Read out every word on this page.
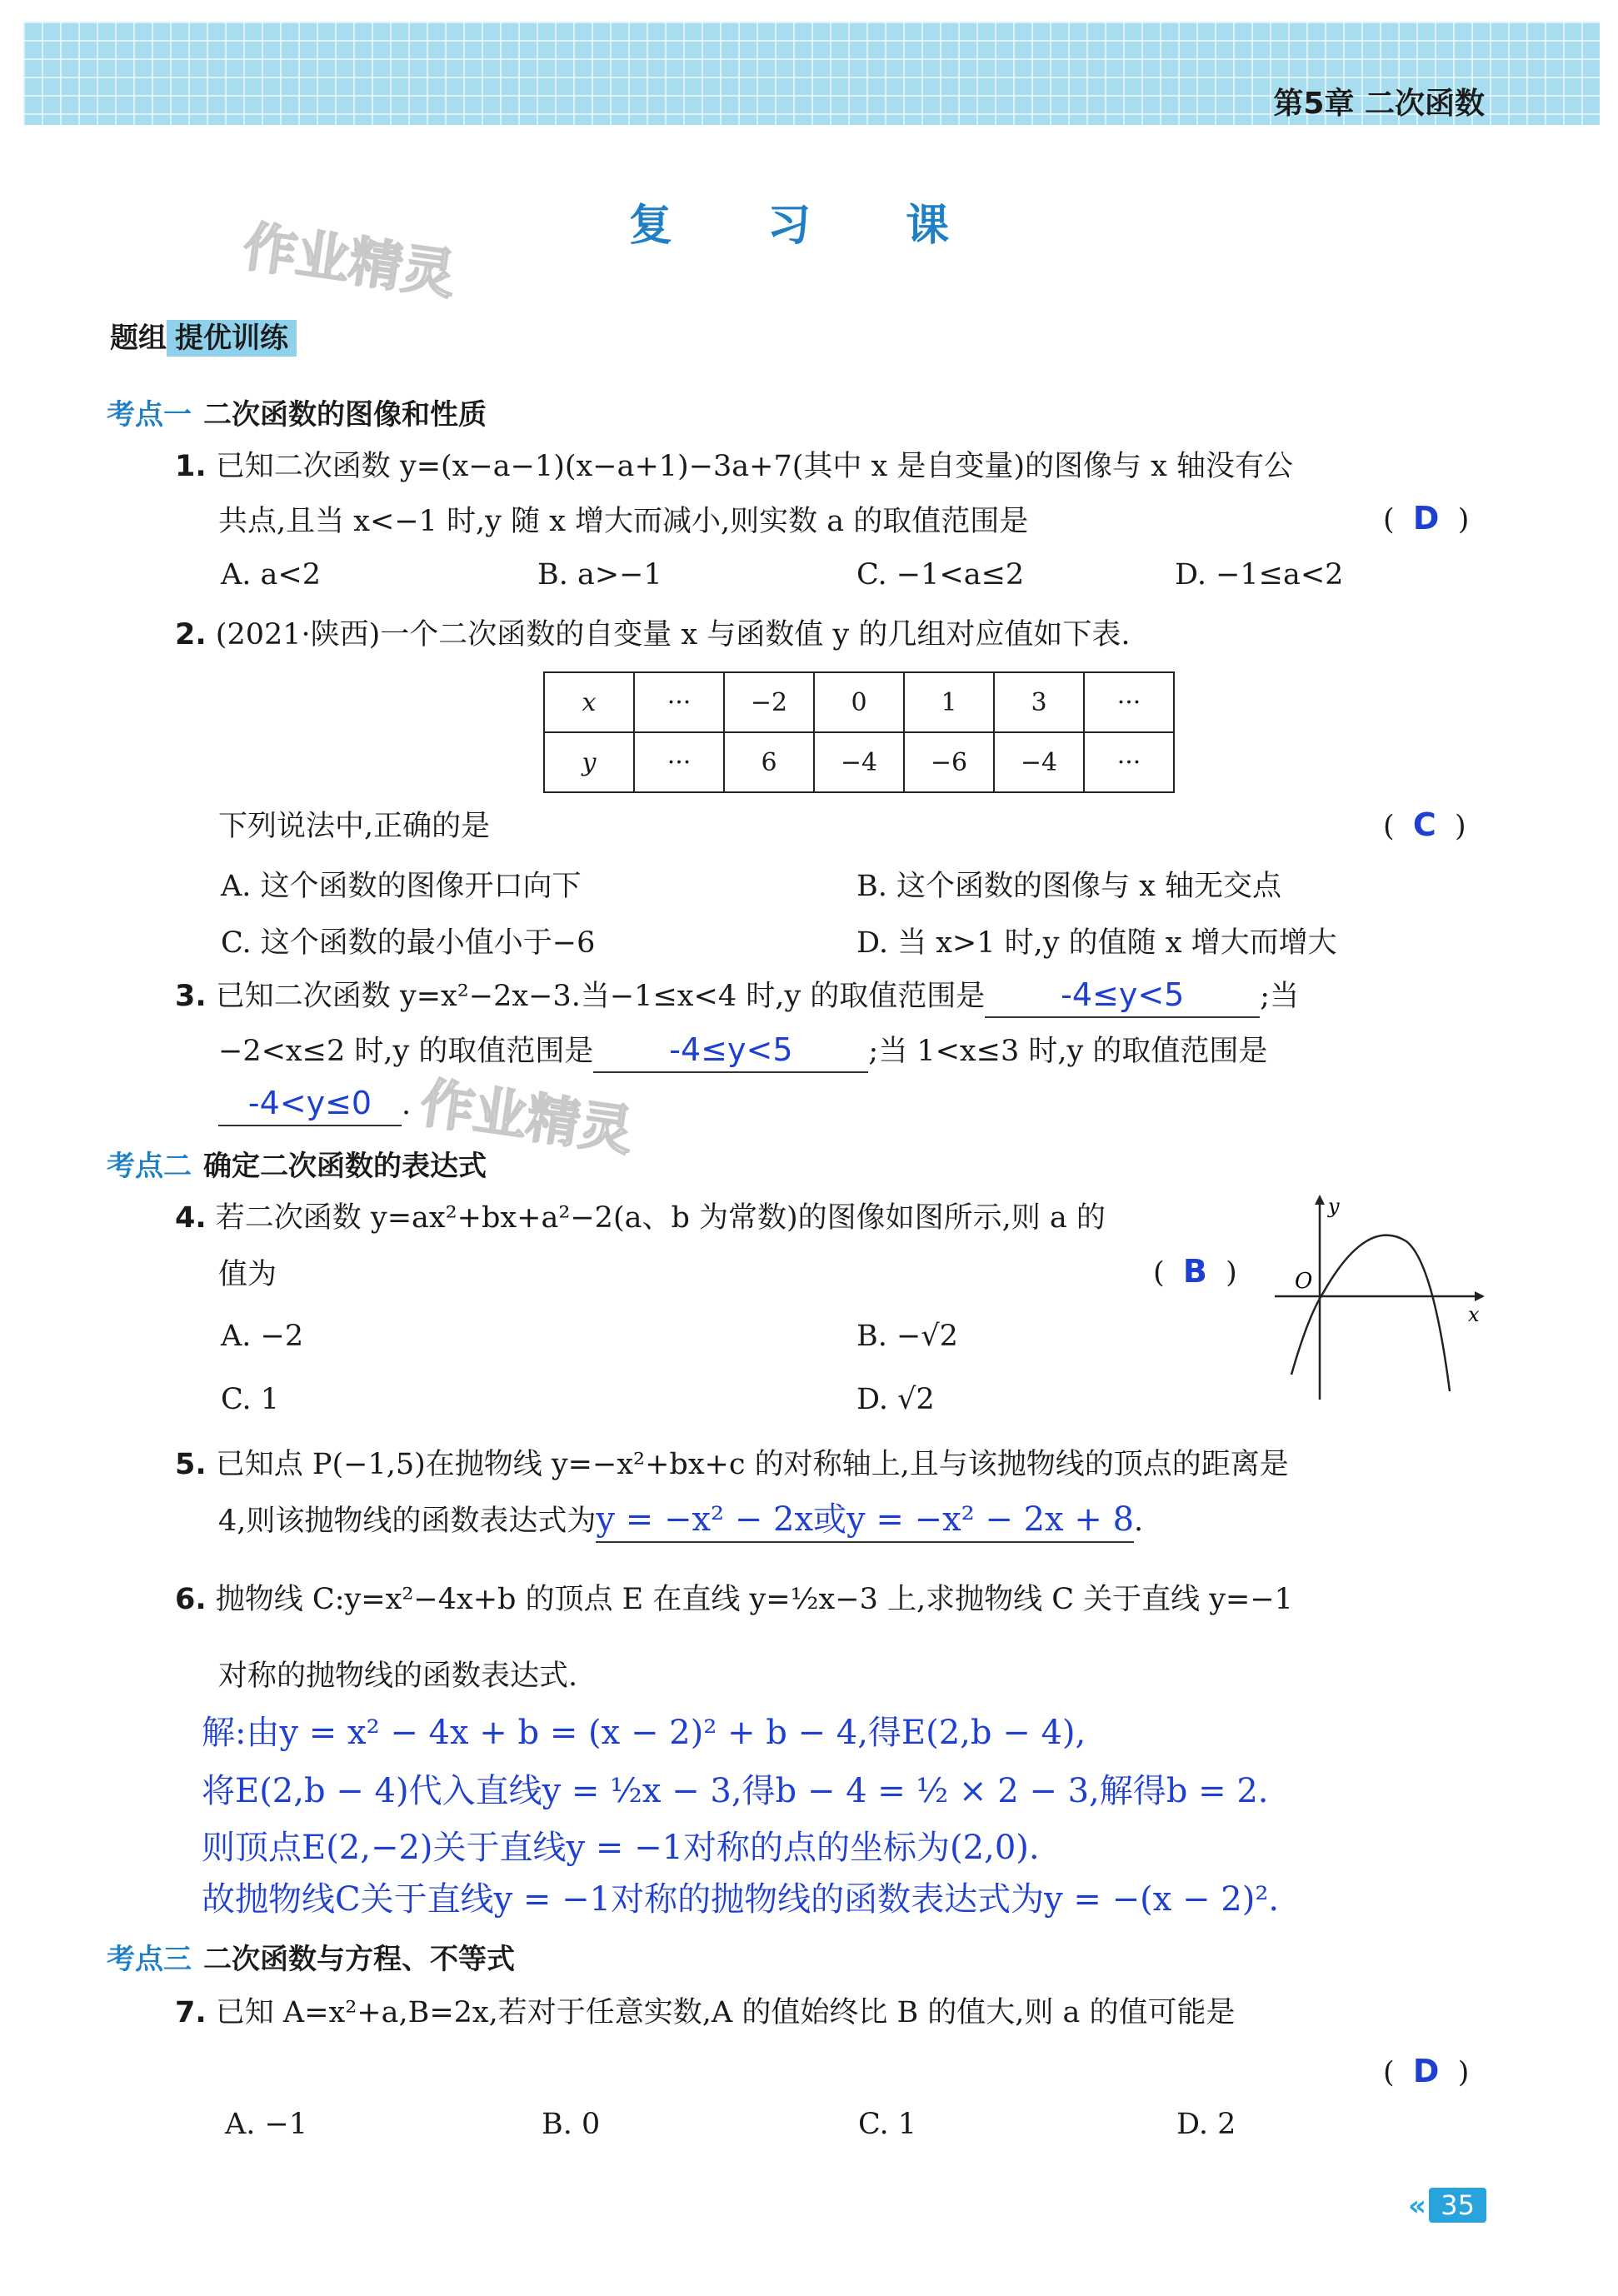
第5章 二次函数
复 习 课
作业精灵
作业精灵
题组 提优训练
考点一 二次函数的图像和性质
1. 已知二次函数 y=(x−a−1)(x−a+1)−3a+7(其中 x 是自变量)的图像与 x 轴没有公
共点,且当 x<−1 时,y 随 x 增大而减小,则实数 a 的取值范围是	(  D  )
A. a<2	B. a>−1	C. −1<a≤2	D. −1≤a<2
2. (2021·陕西)一个二次函数的自变量 x 与函数值 y 的几组对应值如下表.
x	···	−2	0	1	3	···
y	···	6	−4	−6	−4	···
下列说法中,正确的是	(  C  )
A. 这个函数的图像开口向下	B. 这个函数的图像与 x 轴无交点
C. 这个函数的最小值小于−6	D. 当 x>1 时,y 的值随 x 增大而增大
3. 已知二次函数 y=x²−2x−3.当−1≤x<4 时,y 的取值范围是 -4≤y<5	;当
−2<x≤2 时,y 的取值范围是 -4≤y<5	;当 1<x≤3 时,y 的取值范围是
-4<y≤0 .
考点二 确定二次函数的表达式
4. 若二次函数 y=ax²+bx+a²−2(a、b 为常数)的图像如图所示,则 a 的
值为	(  B  )
A. −2	B. −√2
C. 1	D. √2
O
x
y
5. 已知点 P(−1,5)在抛物线 y=−x²+bx+c 的对称轴上,且与该抛物线的顶点的距离是
4,则该抛物线的函数表达式为y = −x² − 2x或y = −x² − 2x + 8.
6. 抛物线 C:y=x²−4x+b 的顶点 E 在直线 y=½x−3 上,求抛物线 C 关于直线 y=−1
对称的抛物线的函数表达式.
解:由y = x² − 4x + b = (x − 2)² + b − 4,得E(2,b − 4),
将E(2,b − 4)代入直线y = ½x − 3,得b − 4 = ½ × 2 − 3,解得b = 2.
则顶点E(2,−2)关于直线y = −1对称的点的坐标为(2,0).
故抛物线C关于直线y = −1对称的抛物线的函数表达式为y = −(x − 2)².
考点三 二次函数与方程、不等式
7. 已知 A=x²+a,B=2x,若对于任意实数,A 的值始终比 B 的值大,则 a 的值可能是
(  D  )
A. −1	B. 0	C. 1	D. 2
« 35
